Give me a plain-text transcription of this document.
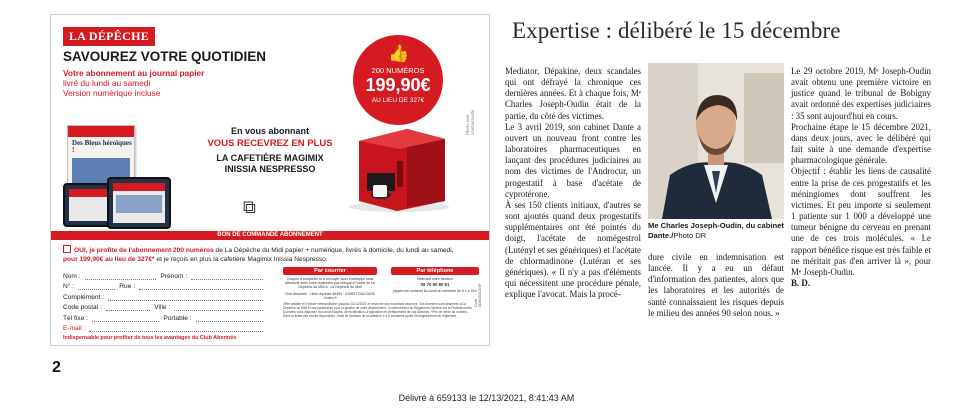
LA DÉPÊCHE
SAVOUREZ VOTRE QUOTIDIEN
Votre abonnement au journal papier
livré du lundi au samedi
Version numérique incluse
Des Bleus héroïques !
👍
200 NUMÉROS
199,90€
AU LIEU DE 327€
En vous abonnant
VOUS RECEVREZ EN PLUS
LA CAFETIÈRE MAGIMIX INISSIA NESPRESSO
⧉
Photo non contractuelle
BON DE COMMANDE ABONNEMENT
OUI, je profite de l'abonnement 200 numéros de La Dépêche du Midi papier + numérique, livrés à domicile, du lundi au samedi, pour 199,90€ au lieu de 327€* et je reçois en plus la cafetière Magimix Inissia Nespresso.
Nom :	Prénom :
N° :	Rue :
Complément :
Code postal :	Ville :
Tél fixe :	Portable :
E-mail :
Indispensable pour profiter de tous les avantages du Club Abonnés
Par courrier
Coupon à compléter et à renvoyer sous enveloppe sans affranchir avec votre règlement par chèque à l'ordre de La Dépêche du Midi à : La Dépêche du Midi
Club Abonnés · Libre réponse 36394 · 31089 TOULOUSE Cedex 9
Par téléphone
Relevant votre fonction
09 70 80 80 81
(appel non surtaxé) Du lundi au vendredi de 8 h à 18 h
Offre valable en France métropolitaine jusqu'au 31/12/2021 et réservée aux nouveaux abonnés. Vos données sont destinées à La Dépêche du Midi et ses partenaires pour la gestion de votre abonnement. Conformément au Règlement Général sur la Protection des Données vous disposez d'un droit d'accès, de rectification, d'opposition et d'effacement de vos données. *Prix de vente au numéro. Dans la limite des stocks disponibles. Délai de livraison de la cafetière 4 à 6 semaines après l'enregistrement du règlement.
Code DDM2021A/SP
Expertise : délibéré le 15 décembre

Mediator, Dépakine, deux scandales qui ont défrayé la chronique ces dernières années. Et à chaque fois, Mᵉ Charles Joseph-Oudin était de la partie, du côté des victimes.

Le 3 avril 2019, son cabinet Dante a ouvert un nouveau front contre les laboratoires pharmaceutiques en lançant des procédures judiciaires au nom des victimes de l'Androcur, un progestatif à base d'acétate de cyprotérone.

À ses 150 clients initiaux, d'autres se sont ajoutés quand deux progestatifs supplémentaires ont été pointés du doigt, l'acétate de nomégestrol (Lutényl et ses génériques) et l'acétate de chlormadinone (Lutéran et ses génériques). « Il n'y a pas d'éléments qui nécessitent une procédure pénale, explique l'avocat. Mais la procé-

Me Charles Joseph-Oudin, du cabinet Dante./Photo DR

dure civile en indemnisation est lancée. Il y a eu un défaut d'information des patientes, alors que les laboratoires et les autorités de santé connaissaient les risques depuis le milieu des années 90 selon nous. »

Le 29 octobre 2019, Mᵉ Joseph-Oudin avait obtenu une première victoire en justice quand le tribunal de Bobigny avait ordonné des expertises judiciaires : 35 sont aujourd'hui en cours.

Prochaine étape le 15 décembre 2021, dans deux jours, avec le délibéré qui fait suite à une demande d'expertise pharmacologique générale.

Objectif : établir les liens de causalité entre la prise de ces progestatifs et les méningiomes dont souffrent les victimes. Et peu importe si seulement 1 patiente sur 1 000 a développé une tumeur bénigne du cerveau en prenant une de ces trois molécules. « Le rapport bénéfice risque est très faible et ne méritait pas d'en arriver là », pour Mᵉ Joseph-Oudin.

B. D.

2
Délivré à 659133 le 12/13/2021, 8:41:43 AM
